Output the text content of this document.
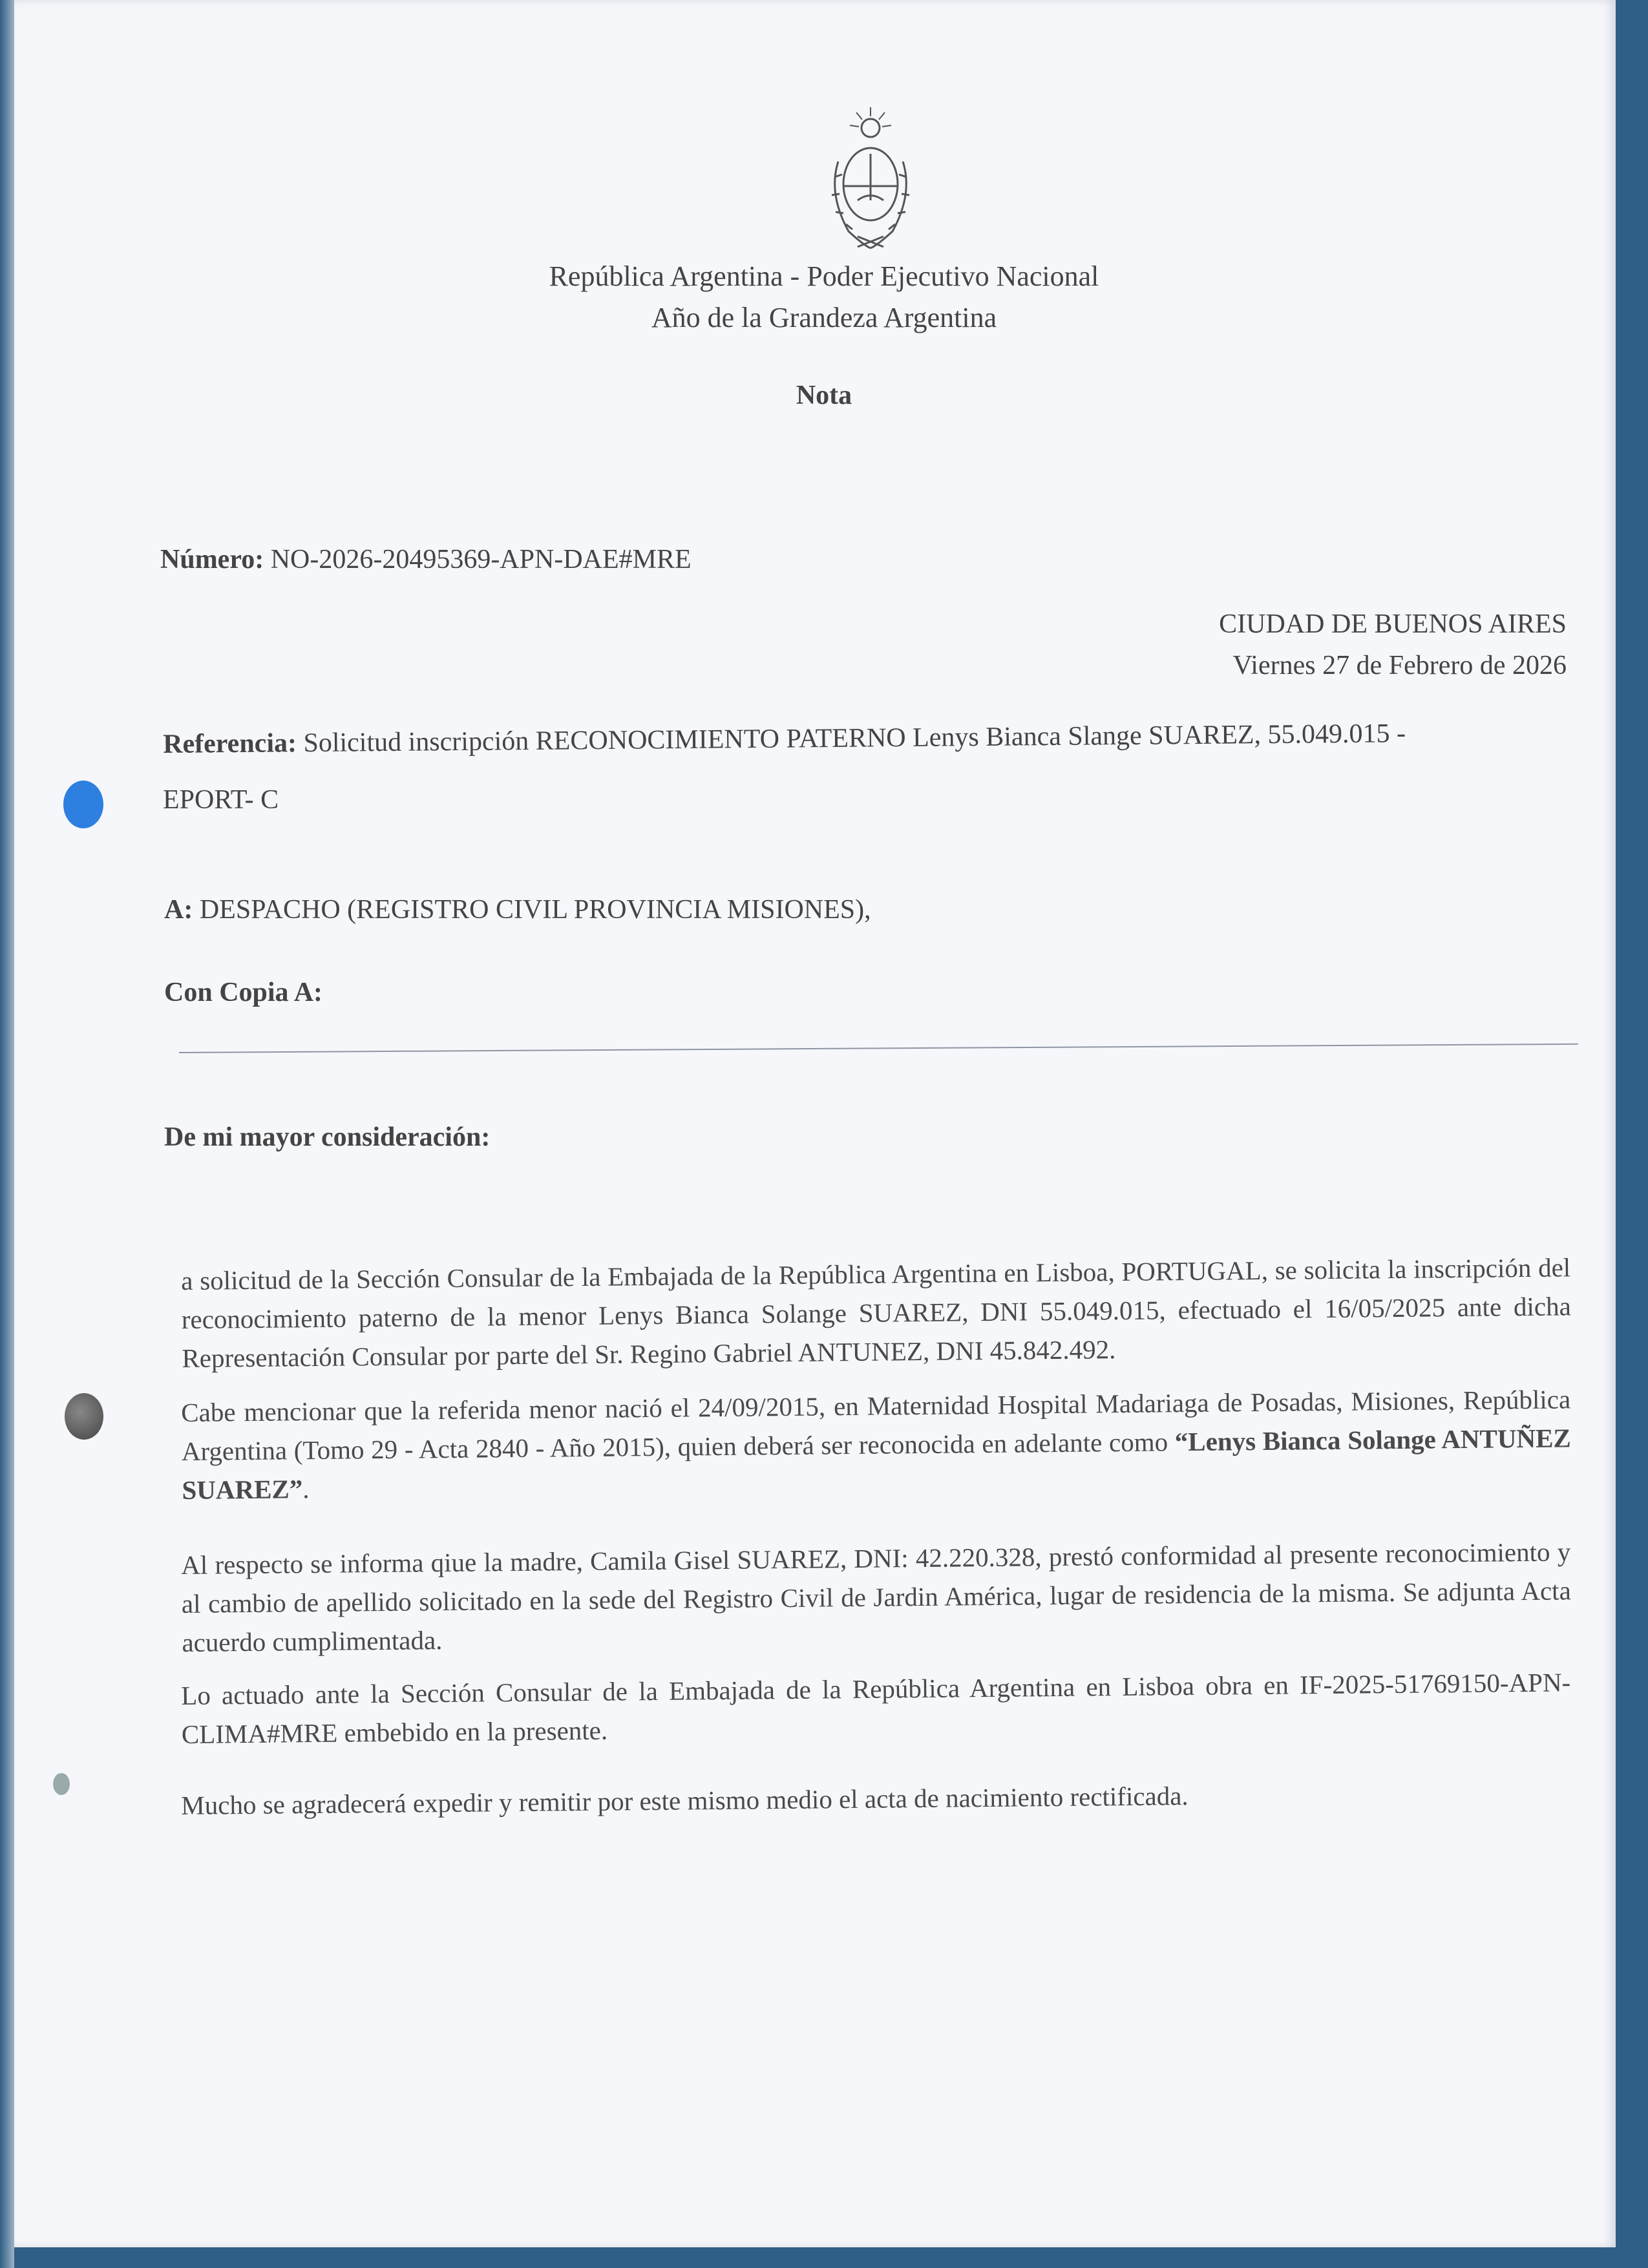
República Argentina - Poder Ejecutivo Nacional
Año de la Grandeza Argentina
Nota
Número: NO-2026-20495369-APN-DAE#MRE
CIUDAD DE BUENOS AIRES
Viernes 27 de Febrero de 2026
Referencia: Solicitud inscripción RECONOCIMIENTO PATERNO Lenys Bianca Slange SUAREZ, 55.049.015 -
EPORT- C
A: DESPACHO (REGISTRO CIVIL PROVINCIA MISIONES),
Con Copia A:
De mi mayor consideración:
a solicitud de la Sección Consular de la Embajada de la República Argentina en Lisboa, PORTUGAL, se solicita la inscripción del reconocimiento paterno de la menor Lenys Bianca Solange SUAREZ, DNI 55.049.015, efectuado el 16/05/2025 ante dicha Representación Consular por parte del Sr. Regino Gabriel ANTUNEZ, DNI 45.842.492.
Cabe mencionar que la referida menor nació el 24/09/2015, en Maternidad Hospital Madariaga de Posadas, Misiones, República Argentina (Tomo 29 - Acta 2840 - Año 2015), quien deberá ser reconocida en adelante como “Lenys Bianca Solange ANTUÑEZ SUAREZ”.
Al respecto se informa qiue la madre, Camila Gisel SUAREZ, DNI: 42.220.328, prestó conformidad al presente reconocimiento y al cambio de apellido solicitado en la sede del Registro Civil de Jardin América, lugar de residencia de la misma. Se adjunta Acta acuerdo cumplimentada.
Lo actuado ante la Sección Consular de la Embajada de la República Argentina en Lisboa obra en IF-2025-51769150-APN-CLIMA#MRE embebido en la presente.
Mucho se agradecerá expedir y remitir por este mismo medio el acta de nacimiento rectificada.
